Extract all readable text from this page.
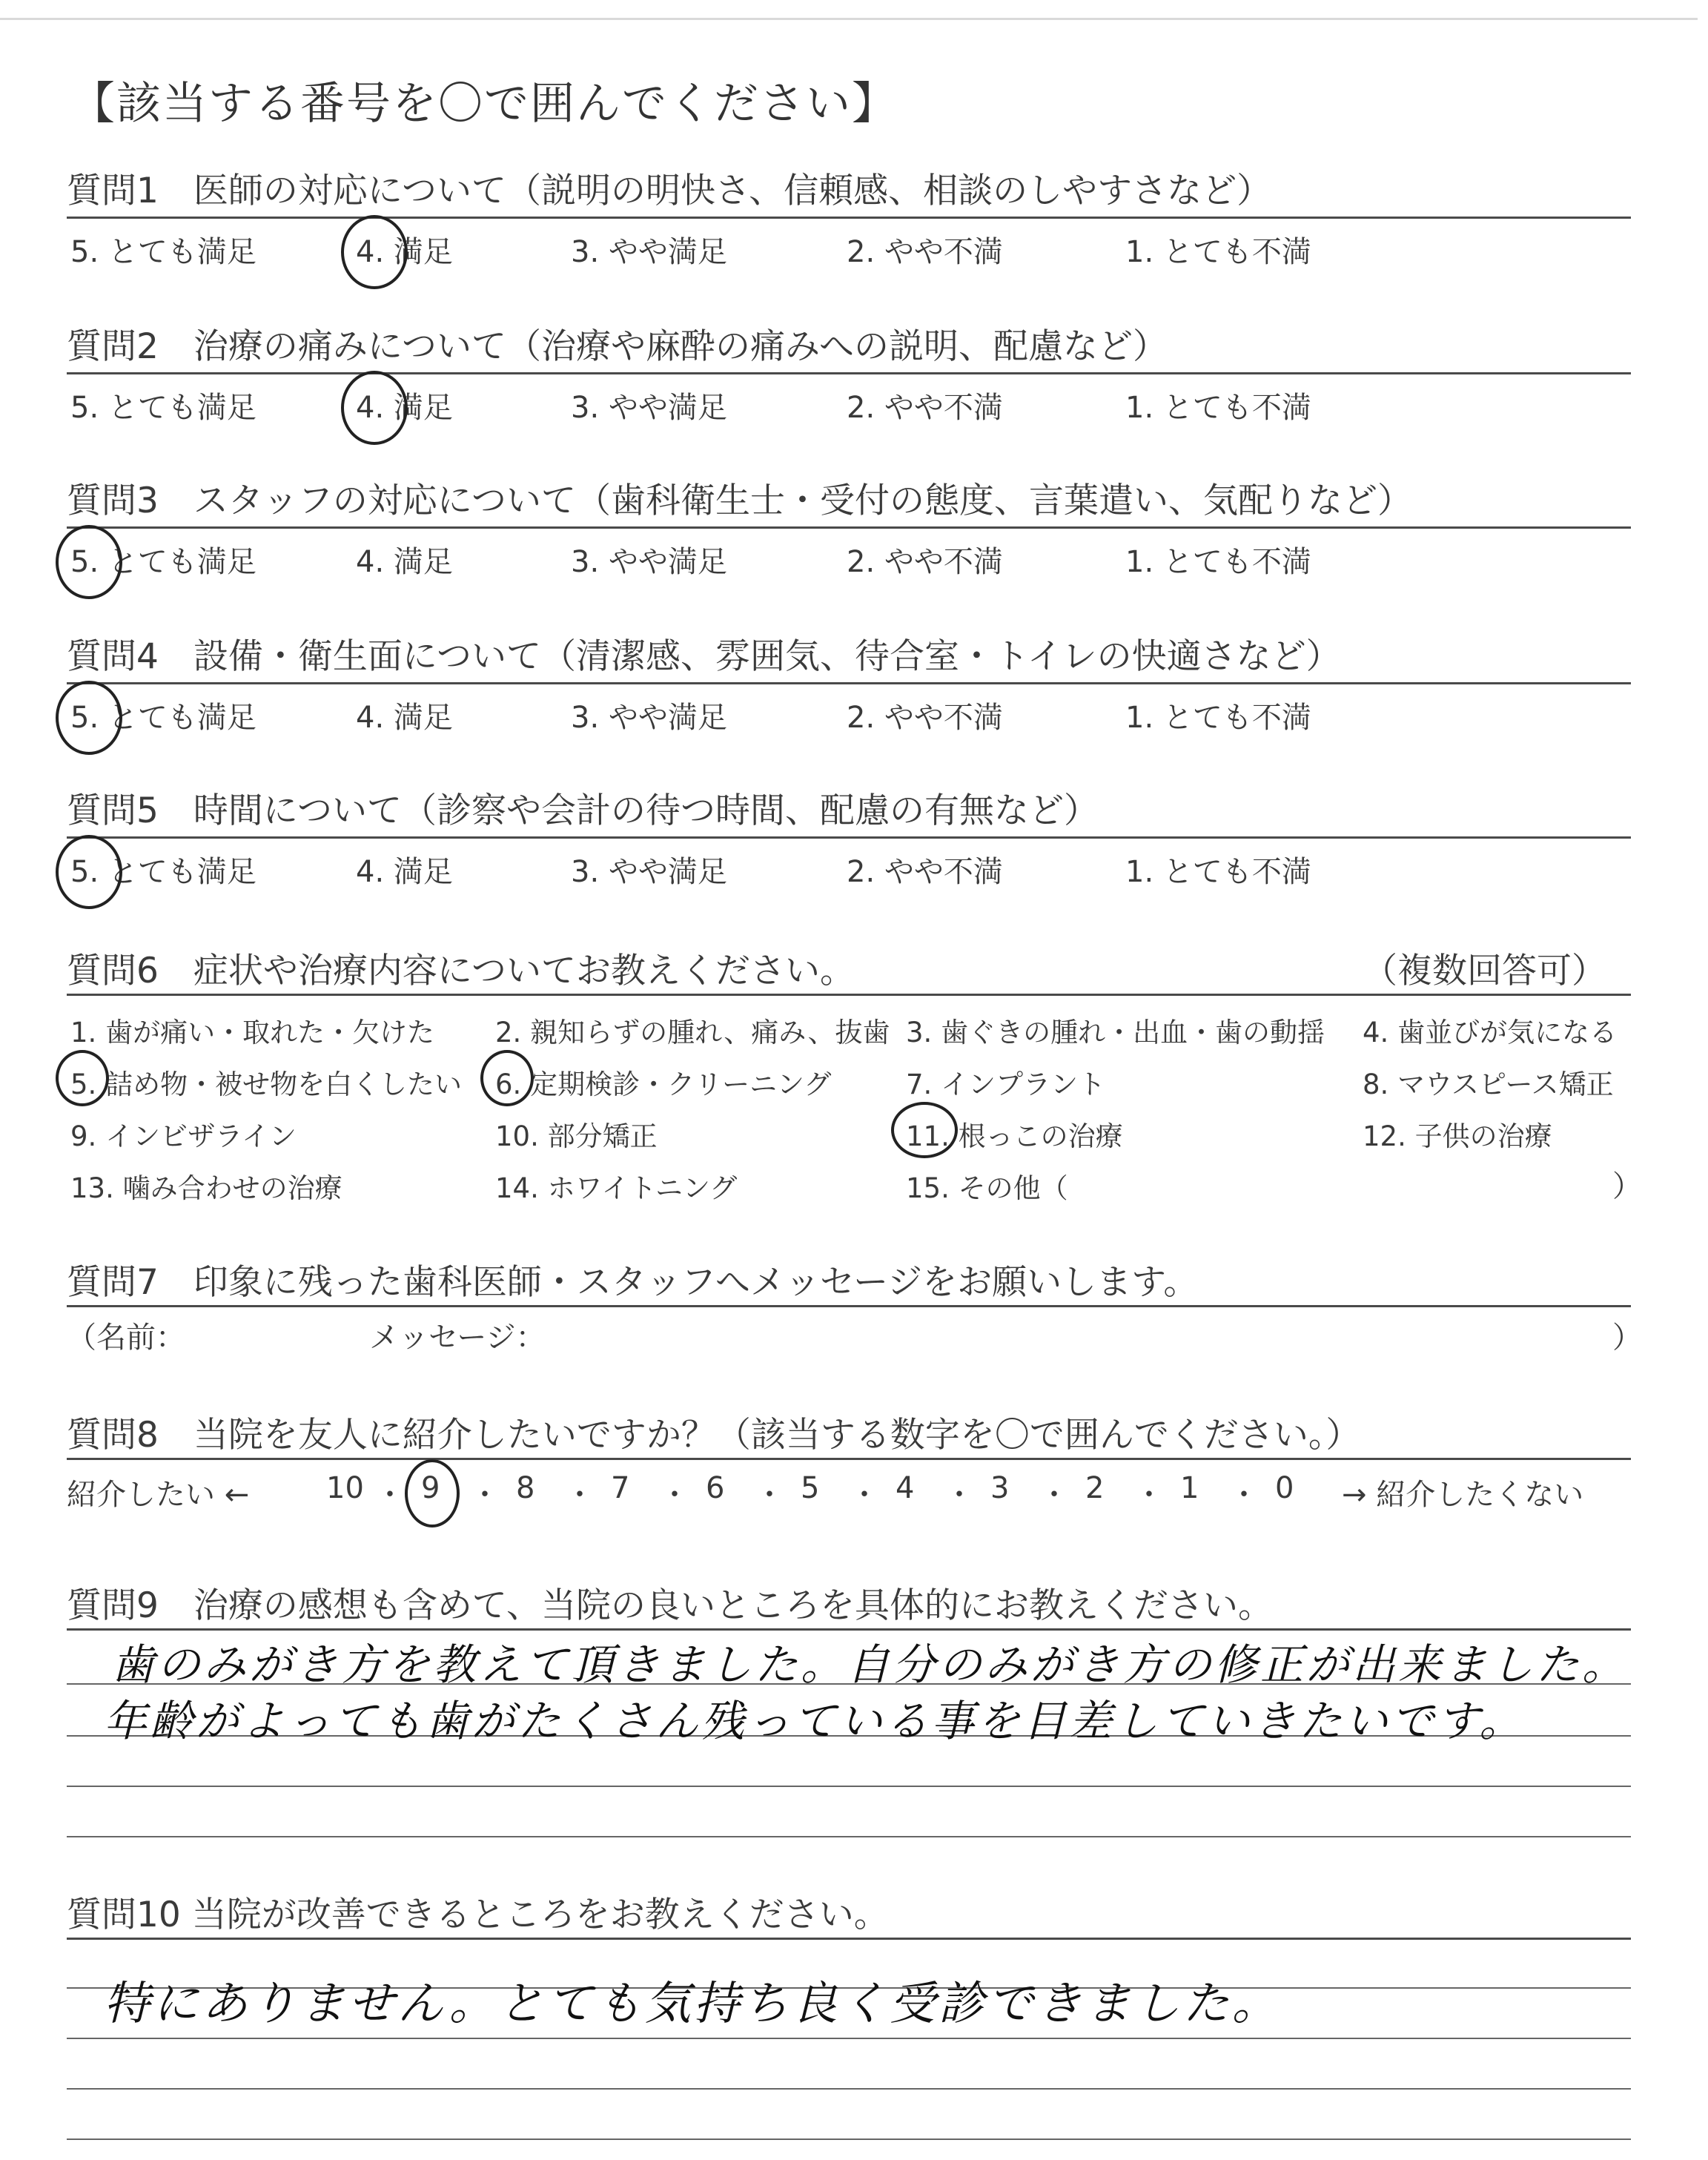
【該当する番号を〇で囲んでください】
質問1　医師の対応について（説明の明快さ、信頼感、相談のしやすさなど）
5. とても満足	4. 満足	3. やや満足	2. やや不満	1. とても不満
質問2　治療の痛みについて（治療や麻酔の痛みへの説明、配慮など）
5. とても満足	4. 満足	3. やや満足	2. やや不満	1. とても不満
質問3　スタッフの対応について（歯科衛生士・受付の態度、言葉遣い、気配りなど）
5. とても満足	4. 満足	3. やや満足	2. やや不満	1. とても不満
質問4　設備・衛生面について（清潔感、雰囲気、待合室・トイレの快適さなど）
5. とても満足	4. 満足	3. やや満足	2. やや不満	1. とても不満
質問5　時間について（診察や会計の待つ時間、配慮の有無など）
5. とても満足	4. 満足	3. やや満足	2. やや不満	1. とても不満
質問6　症状や治療内容についてお教えください。	（複数回答可）
1. 歯が痛い・取れた・欠けた 2. 親知らずの腫れ、痛み、抜歯 3. 歯ぐきの腫れ・出血・歯の動揺 4. 歯並びが気になる
5. 詰め物・被せ物を白くしたい 6. 定期検診・クリーニング	7. インプラント	8. マウスピース矯正
9. インビザライン	10. 部分矯正	11. 根っこの治療	12. 子供の治療
13. 噛み合わせの治療	14. ホワイトニング	15. その他（	）
質問7　印象に残った歯科医師・スタッフへメッセージをお願いします。
（名前：	メッセージ：	）
質問8　当院を友人に紹介したいですか？（該当する数字を〇で囲んでください。）
紹介したい ←	10 ・ 9 ・ 8 ・ 7 ・ 6 ・ 5 ・ 4 ・ 3 ・ 2 ・ 1 ・ 0 → 紹介したくない
質問9　治療の感想も含めて、当院の良いところを具体的にお教えください。
歯のみがき方を教えて頂きました。自分のみがき方の修正が出来ました。
年齢がよっても歯がたくさん残っている事を目差していきたいです。
質問10 当院が改善できるところをお教えください。
特にありません。とても気持ち良く受診できました。
